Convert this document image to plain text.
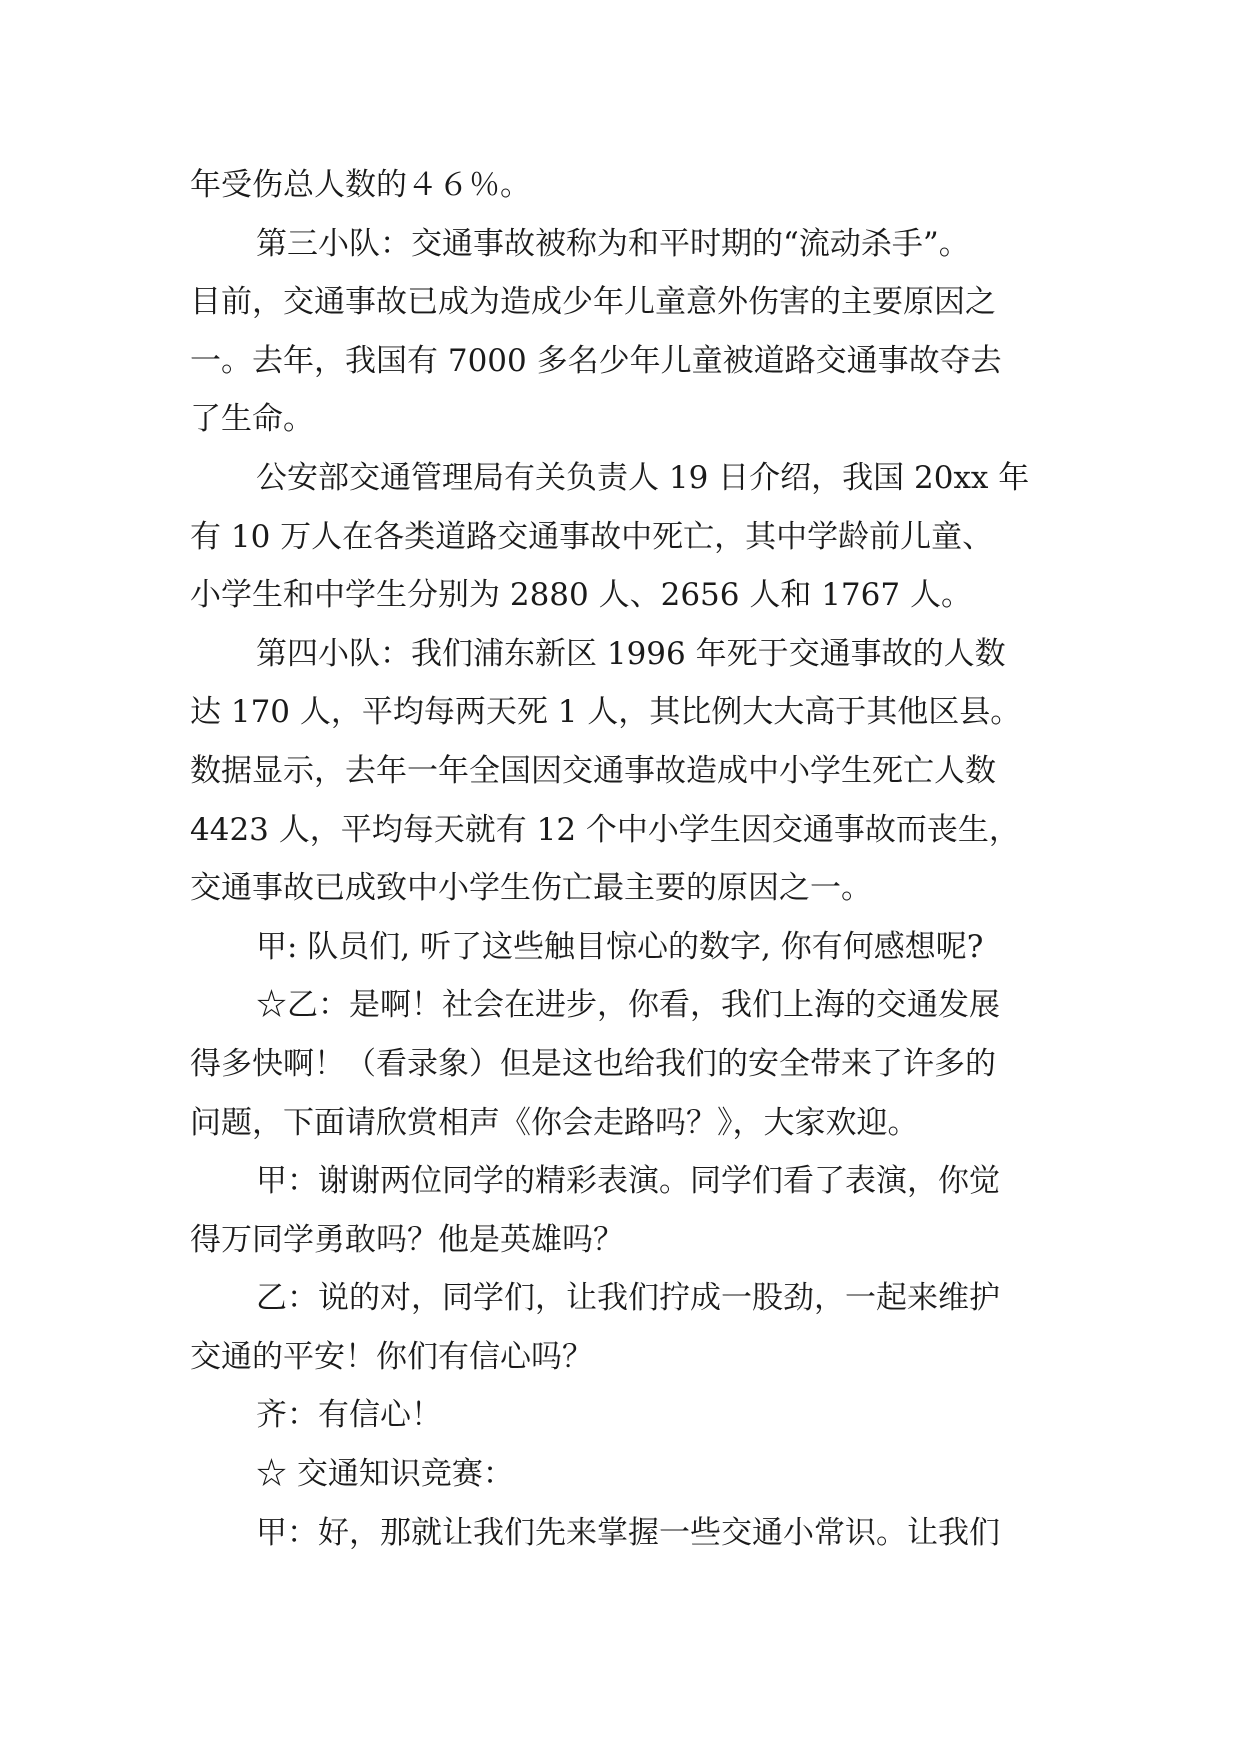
年受伤总人数的４６％。
第三小队：交通事故被称为和平时期的“流动杀手”。
目前，交通事故已成为造成少年儿童意外伤害的主要原因之
一。去年，我国有 7000 多名少年儿童被道路交通事故夺去
了生命。
公安部交通管理局有关负责人 19 日介绍，我国 20xx 年
有 10 万人在各类道路交通事故中死亡，其中学龄前儿童、
小学生和中学生分别为 2880 人、2656 人和 1767 人。
第四小队：我们浦东新区 1996 年死于交通事故的人数
达 170 人，平均每两天死 1 人，其比例大大高于其他区县。
数据显示，去年一年全国因交通事故造成中小学生死亡人数
4423 人，平均每天就有 12 个中小学生因交通事故而丧生，
交通事故已成致中小学生伤亡最主要的原因之一。
甲: 队员们, 听了这些触目惊心的数字, 你有何感想呢?
☆乙：是啊！社会在进步，你看，我们上海的交通发展
得多快啊！（看录象）但是这也给我们的安全带来了许多的
问题，下面请欣赏相声《你会走路吗？》，大家欢迎。
甲：谢谢两位同学的精彩表演。同学们看了表演，你觉
得万同学勇敢吗？他是英雄吗？
乙：说的对，同学们，让我们拧成一股劲，一起来维护
交通的平安！你们有信心吗？
齐：有信心！
☆ 交通知识竞赛：
甲：好，那就让我们先来掌握一些交通小常识。让我们
